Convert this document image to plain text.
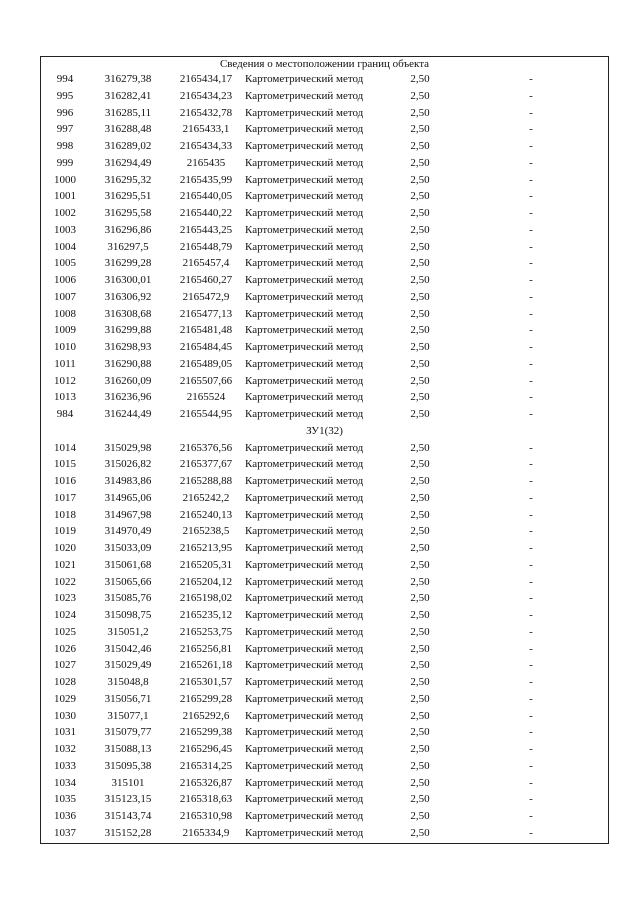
Сведения о местоположении границ объекта
994	316279,38	2165434,17	Картометрический метод	2,50	-
995	316282,41	2165434,23	Картометрический метод	2,50	-
996	316285,11	2165432,78	Картометрический метод	2,50	-
997	316288,48	2165433,1	Картометрический метод	2,50	-
998	316289,02	2165434,33	Картометрический метод	2,50	-
999	316294,49	2165435	Картометрический метод	2,50	-
1000	316295,32	2165435,99	Картометрический метод	2,50	-
1001	316295,51	2165440,05	Картометрический метод	2,50	-
1002	316295,58	2165440,22	Картометрический метод	2,50	-
1003	316296,86	2165443,25	Картометрический метод	2,50	-
1004	316297,5	2165448,79	Картометрический метод	2,50	-
1005	316299,28	2165457,4	Картометрический метод	2,50	-
1006	316300,01	2165460,27	Картометрический метод	2,50	-
1007	316306,92	2165472,9	Картометрический метод	2,50	-
1008	316308,68	2165477,13	Картометрический метод	2,50	-
1009	316299,88	2165481,48	Картометрический метод	2,50	-
1010	316298,93	2165484,45	Картометрический метод	2,50	-
1011	316290,88	2165489,05	Картометрический метод	2,50	-
1012	316260,09	2165507,66	Картометрический метод	2,50	-
1013	316236,96	2165524	Картометрический метод	2,50	-
984	316244,49	2165544,95	Картометрический метод	2,50	-
ЗУ1(32)
1014	315029,98	2165376,56	Картометрический метод	2,50	-
1015	315026,82	2165377,67	Картометрический метод	2,50	-
1016	314983,86	2165288,88	Картометрический метод	2,50	-
1017	314965,06	2165242,2	Картометрический метод	2,50	-
1018	314967,98	2165240,13	Картометрический метод	2,50	-
1019	314970,49	2165238,5	Картометрический метод	2,50	-
1020	315033,09	2165213,95	Картометрический метод	2,50	-
1021	315061,68	2165205,31	Картометрический метод	2,50	-
1022	315065,66	2165204,12	Картометрический метод	2,50	-
1023	315085,76	2165198,02	Картометрический метод	2,50	-
1024	315098,75	2165235,12	Картометрический метод	2,50	-
1025	315051,2	2165253,75	Картометрический метод	2,50	-
1026	315042,46	2165256,81	Картометрический метод	2,50	-
1027	315029,49	2165261,18	Картометрический метод	2,50	-
1028	315048,8	2165301,57	Картометрический метод	2,50	-
1029	315056,71	2165299,28	Картометрический метод	2,50	-
1030	315077,1	2165292,6	Картометрический метод	2,50	-
1031	315079,77	2165299,38	Картометрический метод	2,50	-
1032	315088,13	2165296,45	Картометрический метод	2,50	-
1033	315095,38	2165314,25	Картометрический метод	2,50	-
1034	315101	2165326,87	Картометрический метод	2,50	-
1035	315123,15	2165318,63	Картометрический метод	2,50	-
1036	315143,74	2165310,98	Картометрический метод	2,50	-
1037	315152,28	2165334,9	Картометрический метод	2,50	-
